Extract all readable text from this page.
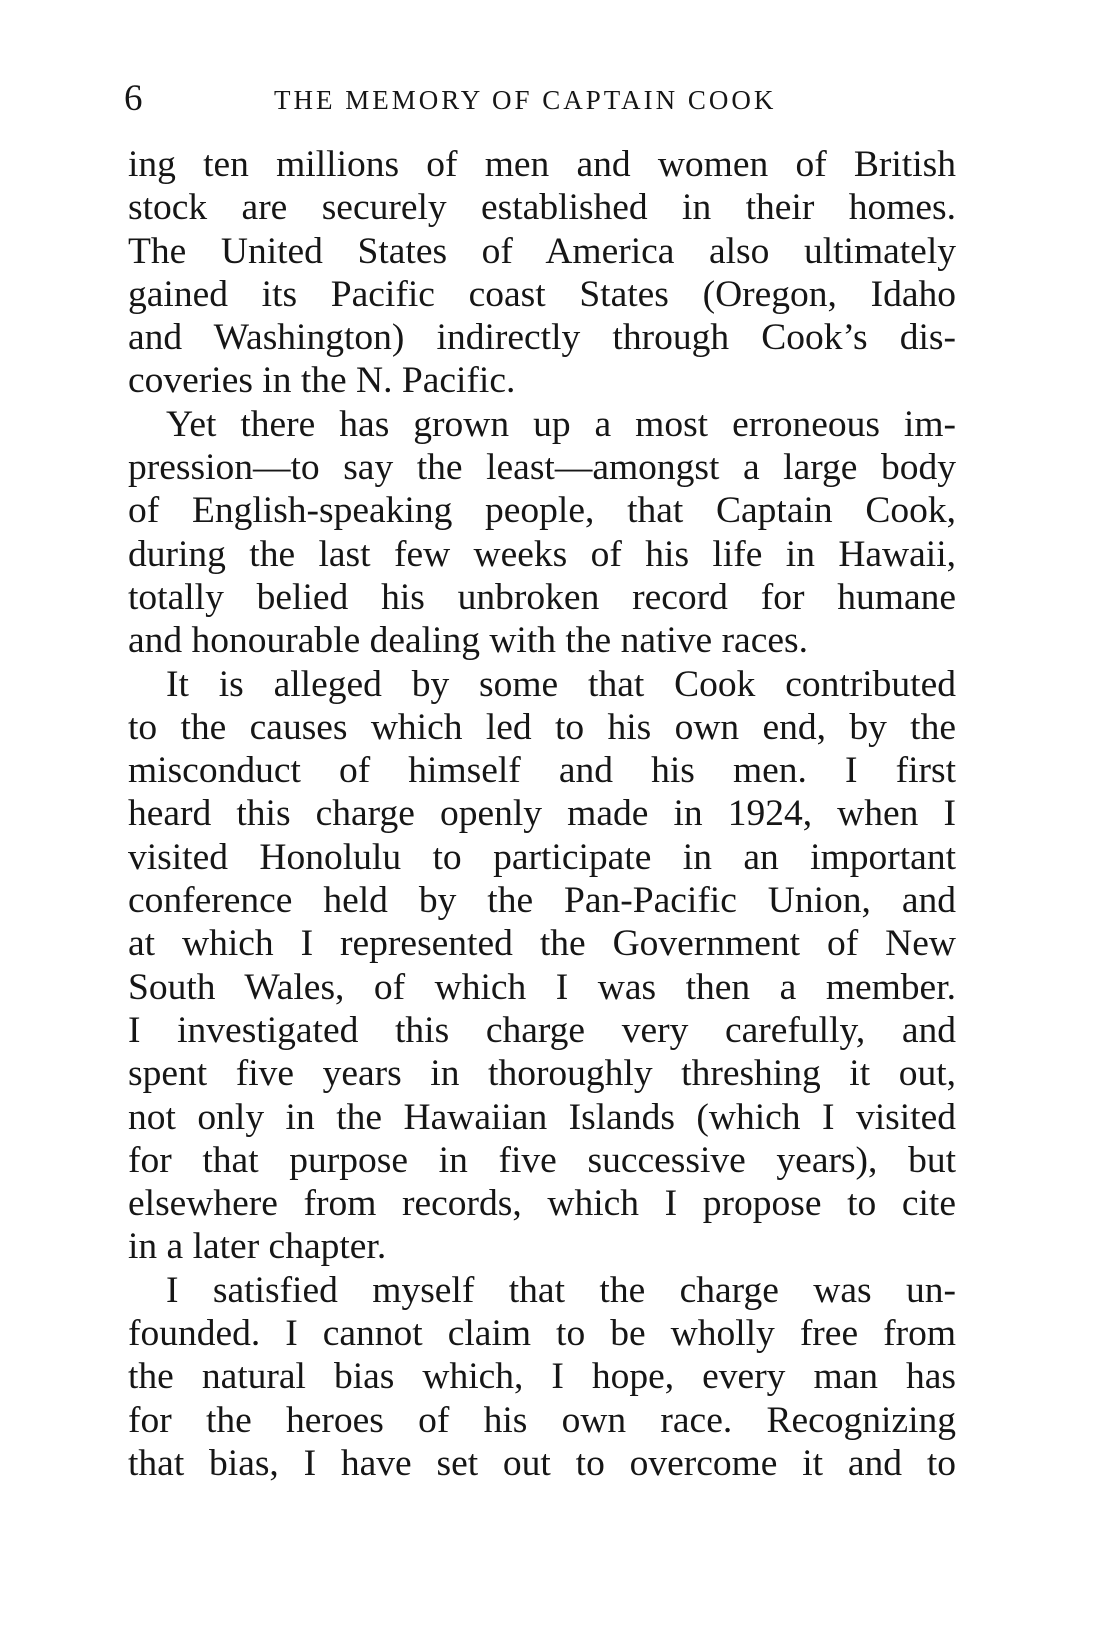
6	THE MEMORY OF CAPTAIN COOK
ing ten millions of men and women of British
stock are securely established in their homes.
The United States of America also ultimately
gained its Pacific coast States (Oregon, Idaho
and Washington) indirectly through Cook’s dis-
coveries in the N. Pacific.
Yet there has grown up a most erroneous im-
pression—to say the least—amongst a large body
of English-speaking people, that Captain Cook,
during the last few weeks of his life in Hawaii,
totally belied his unbroken record for humane
and honourable dealing with the native races.
It is alleged by some that Cook contributed
to the causes which led to his own end, by the
misconduct of himself and his men. I first
heard this charge openly made in 1924, when I
visited Honolulu to participate in an important
conference held by the Pan-Pacific Union, and
at which I represented the Government of New
South Wales, of which I was then a member.
I investigated this charge very carefully, and
spent five years in thoroughly threshing it out,
not only in the Hawaiian Islands (which I visited
for that purpose in five successive years), but
elsewhere from records, which I propose to cite
in a later chapter.
I satisfied myself that the charge was un-
founded. I cannot claim to be wholly free from
the natural bias which, I hope, every man has
for the heroes of his own race. Recognizing
that bias, I have set out to overcome it and to
